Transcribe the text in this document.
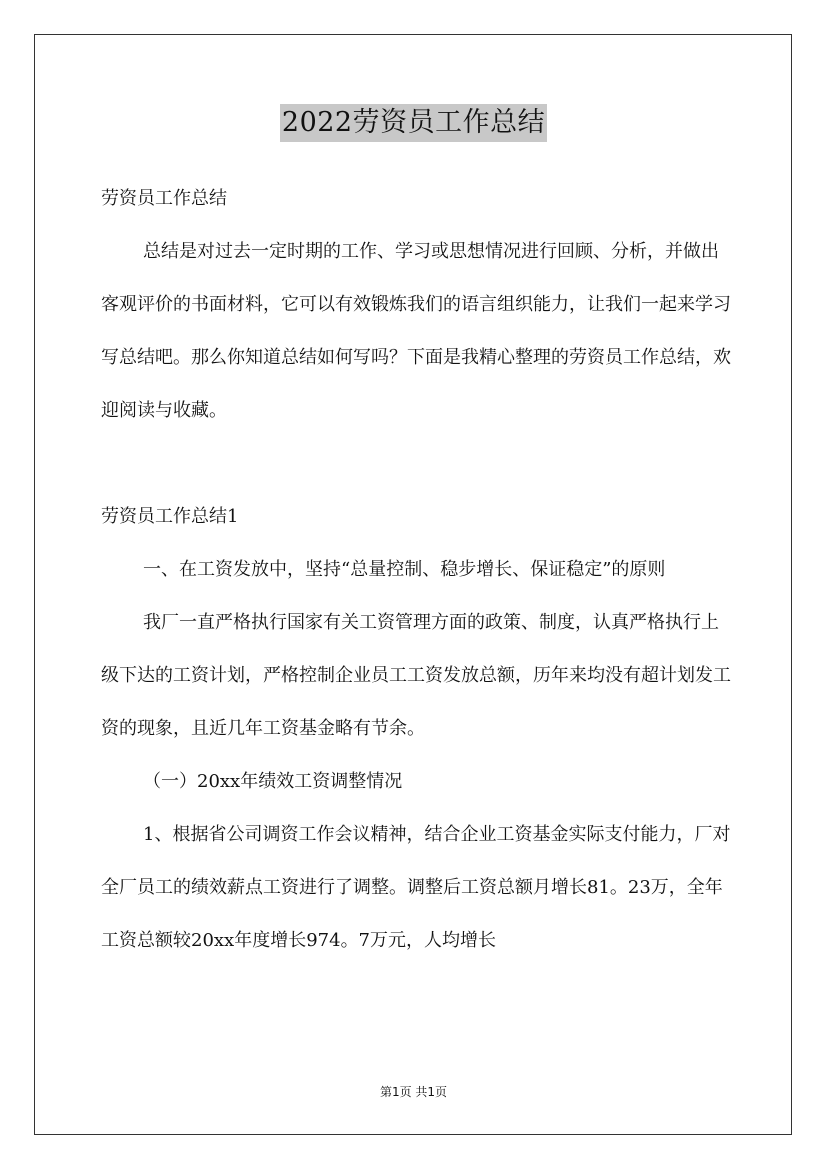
2022劳资员工作总结

劳资员工作总结

总结是对过去一定时期的工作、学习或思想情况进行回顾、分析，并做出客观评价的书面材料，它可以有效锻炼我们的语言组织能力，让我们一起来学习写总结吧。那么你知道总结如何写吗？下面是我精心整理的劳资员工作总结，欢迎阅读与收藏。

劳资员工作总结1

一、在工资发放中，坚持“总量控制、稳步增长、保证稳定”的原则

我厂一直严格执行国家有关工资管理方面的政策、制度，认真严格执行上级下达的工资计划，严格控制企业员工工资发放总额，历年来均没有超计划发工资的现象，且近几年工资基金略有节余。

（一）20xx年绩效工资调整情况

1、根据省公司调资工作会议精神，结合企业工资基金实际支付能力，厂对全厂员工的绩效薪点工资进行了调整。调整后工资总额月增长81。23万，全年工资总额较20xx年度增长974。7万元，人均增长

第1页 共1页
